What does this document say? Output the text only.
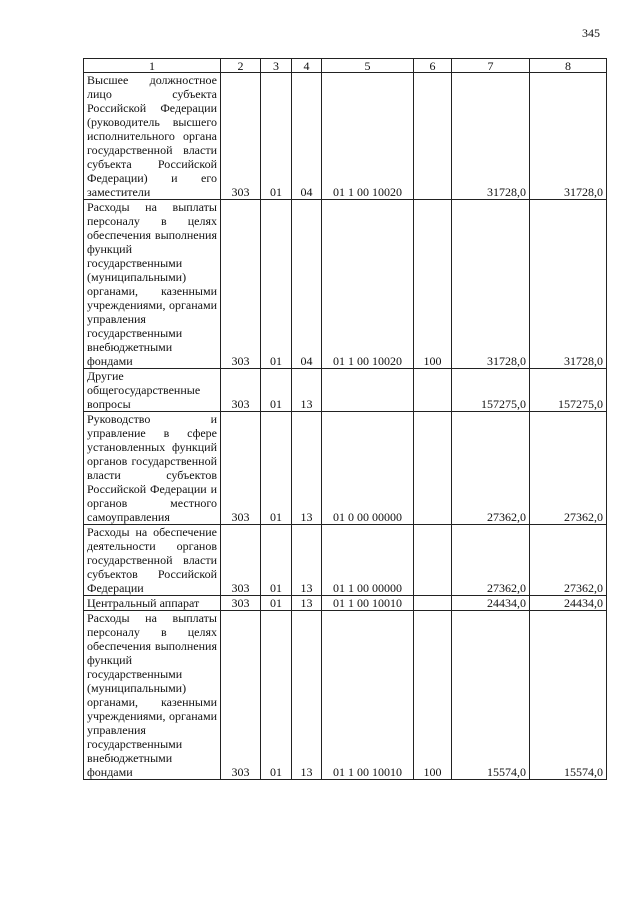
345
1	2	3	4	5	6	7	8
Высшее должностное лицо субъекта Российской Федерации (руководитель высшего исполнительного органа государственной власти субъекта Российской Федерации) и его заместители	303	01	04	01 1 00 10020		31728,0	31728,0
Расходы на выплаты персоналу в целях обеспечения выполнения функций государственными (муниципальными) органами, казенными учреждениями, органами управления государственными внебюджетными фондами	303	01	04	01 1 00 10020	100	31728,0	31728,0
Другие общегосударственные вопросы	303	01	13			157275,0	157275,0
Руководство и управление в сфере установленных функций органов государственной власти субъектов Российской Федерации и органов местного самоуправления	303	01	13	01 0 00 00000		27362,0	27362,0
Расходы на обеспечение деятельности органов государственной власти субъектов Российской Федерации	303	01	13	01 1 00 00000		27362,0	27362,0
Центральный аппарат	303	01	13	01 1 00 10010		24434,0	24434,0
Расходы на выплаты персоналу в целях обеспечения выполнения функций государственными (муниципальными) органами, казенными учреждениями, органами управления государственными внебюджетными фондами	303	01	13	01 1 00 10010	100	15574,0	15574,0
